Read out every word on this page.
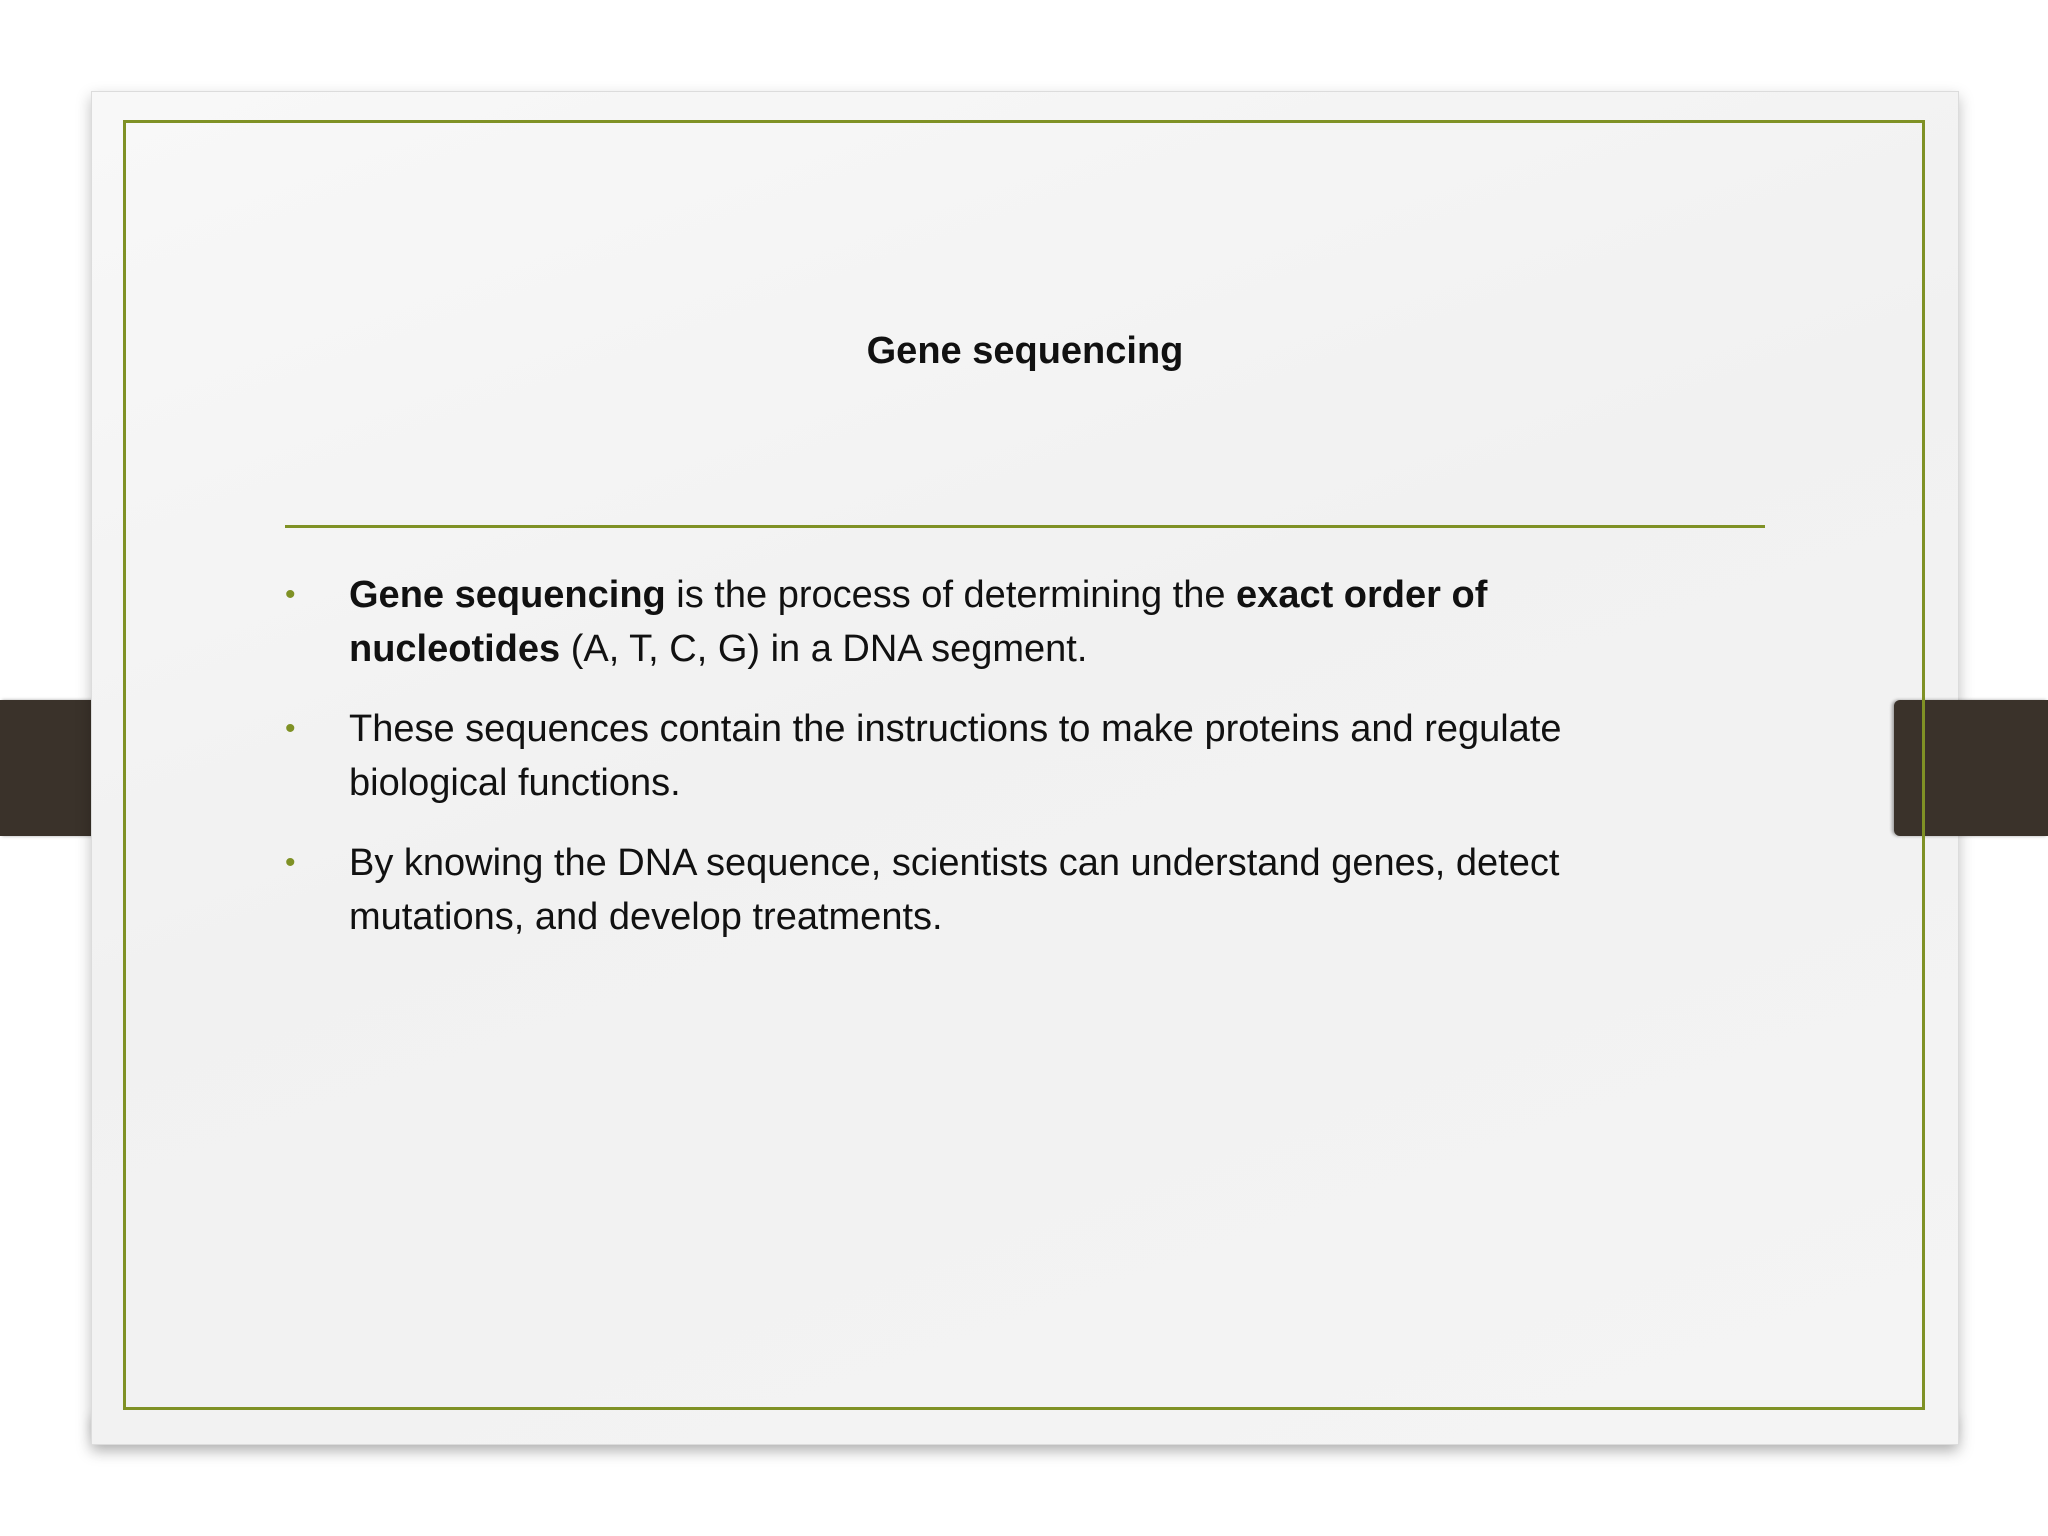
Gene sequencing
•	Gene sequencing is the process of determining the exact order of nucleotides (A, T, C, G) in a DNA segment.
•	These sequences contain the instructions to make proteins and regulate biological functions.
•	By knowing the DNA sequence, scientists can understand genes, detect mutations, and develop treatments.
